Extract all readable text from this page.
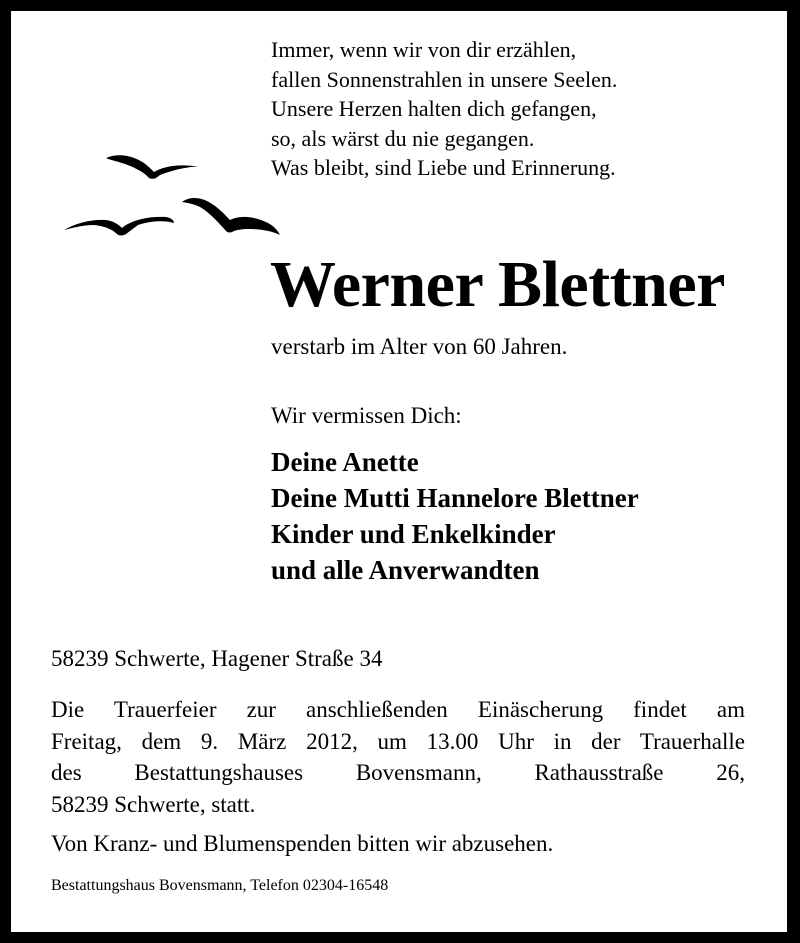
Immer, wenn wir von dir erzählen,
fallen Sonnenstrahlen in unsere Seelen.
Unsere Herzen halten dich gefangen,
so, als wärst du nie gegangen.
Was bleibt, sind Liebe und Erinnerung.
Werner Blettner
verstarb im Alter von 60 Jahren.
Wir vermissen Dich:
Deine Anette
Deine Mutti Hannelore Blettner
Kinder und Enkelkinder
und alle Anverwandten
58239 Schwerte, Hagener Straße 34
Die Trauerfeier zur anschließenden Einäscherung findet am
Freitag, dem 9. März 2012, um 13.00 Uhr in der Trauerhalle
des Bestattungshauses Bovensmann, Rathausstraße 26,
58239 Schwerte, statt.
Von Kranz- und Blumenspenden bitten wir abzusehen.
Bestattungshaus Bovensmann, Telefon 02304-16548
